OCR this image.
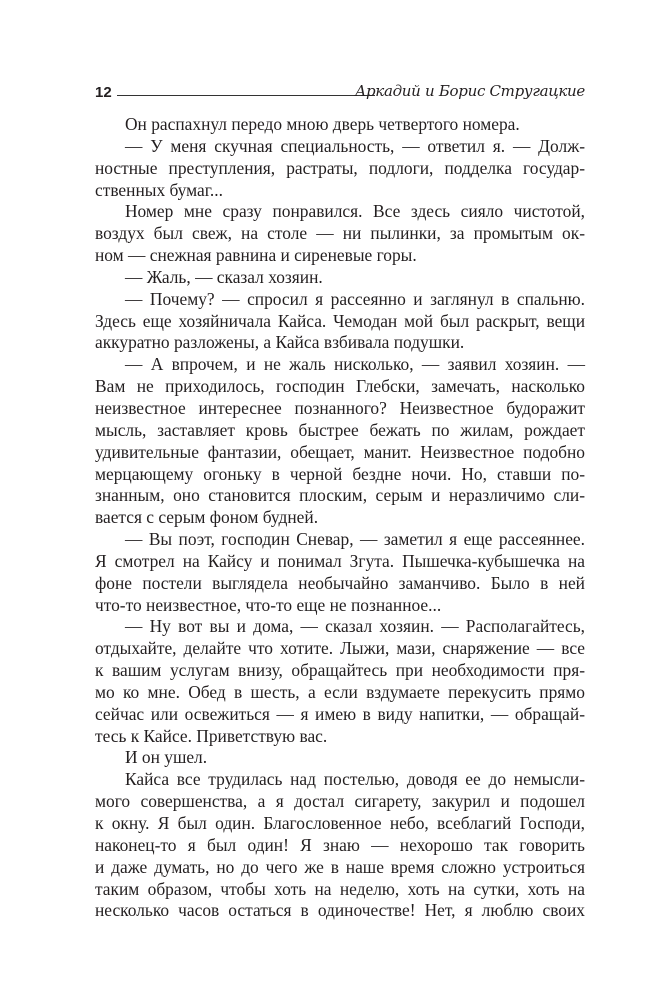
12	Аркадий и Борис Стругацкие
Он распахнул передо мною дверь четвертого номера.
— У меня скучная специальность, — ответил я. — Долж-
ностные преступления, растраты, подлоги, подделка государ-
ственных бумаг...
Номер мне сразу понравился. Все здесь сияло чистотой,
воздух был свеж, на столе — ни пылинки, за промытым ок-
ном — снежная равнина и сиреневые горы.
— Жаль, — сказал хозяин.
— Почему? — спросил я рассеянно и заглянул в спальню.
Здесь еще хозяйничала Кайса. Чемодан мой был раскрыт, вещи
аккуратно разложены, а Кайса взбивала подушки.
— А впрочем, и не жаль нисколько, — заявил хозяин. —
Вам не приходилось, господин Глебски, замечать, насколько
неизвестное интереснее познанного? Неизвестное будоражит
мысль, заставляет кровь быстрее бежать по жилам, рождает
удивительные фантазии, обещает, манит. Неизвестное подобно
мерцающему огоньку в черной бездне ночи. Но, ставши по-
знанным, оно становится плоским, серым и неразличимо сли-
вается с серым фоном будней.
— Вы поэт, господин Сневар, — заметил я еще рассеяннее.
Я смотрел на Кайсу и понимал Згута. Пышечка-кубышечка на
фоне постели выглядела необычайно заманчиво. Было в ней
что-то неизвестное, что-то еще не познанное...
— Ну вот вы и дома, — сказал хозяин. — Располагайтесь,
отдыхайте, делайте что хотите. Лыжи, мази, снаряжение — все
к вашим услугам внизу, обращайтесь при необходимости пря-
мо ко мне. Обед в шесть, а если вздумаете перекусить прямо
сейчас или освежиться — я имею в виду напитки, — обращай-
тесь к Кайсе. Приветствую вас.
И он ушел.
Кайса все трудилась над постелью, доводя ее до немысли-
мого совершенства, а я достал сигарету, закурил и подошел
к окну. Я был один. Благословенное небо, всеблагий Господи,
наконец-то я был один! Я знаю — нехорошо так говорить
и даже думать, но до чего же в наше время сложно устроиться
таким образом, чтобы хоть на неделю, хоть на сутки, хоть на
несколько часов остаться в одиночестве! Нет, я люблю своих
